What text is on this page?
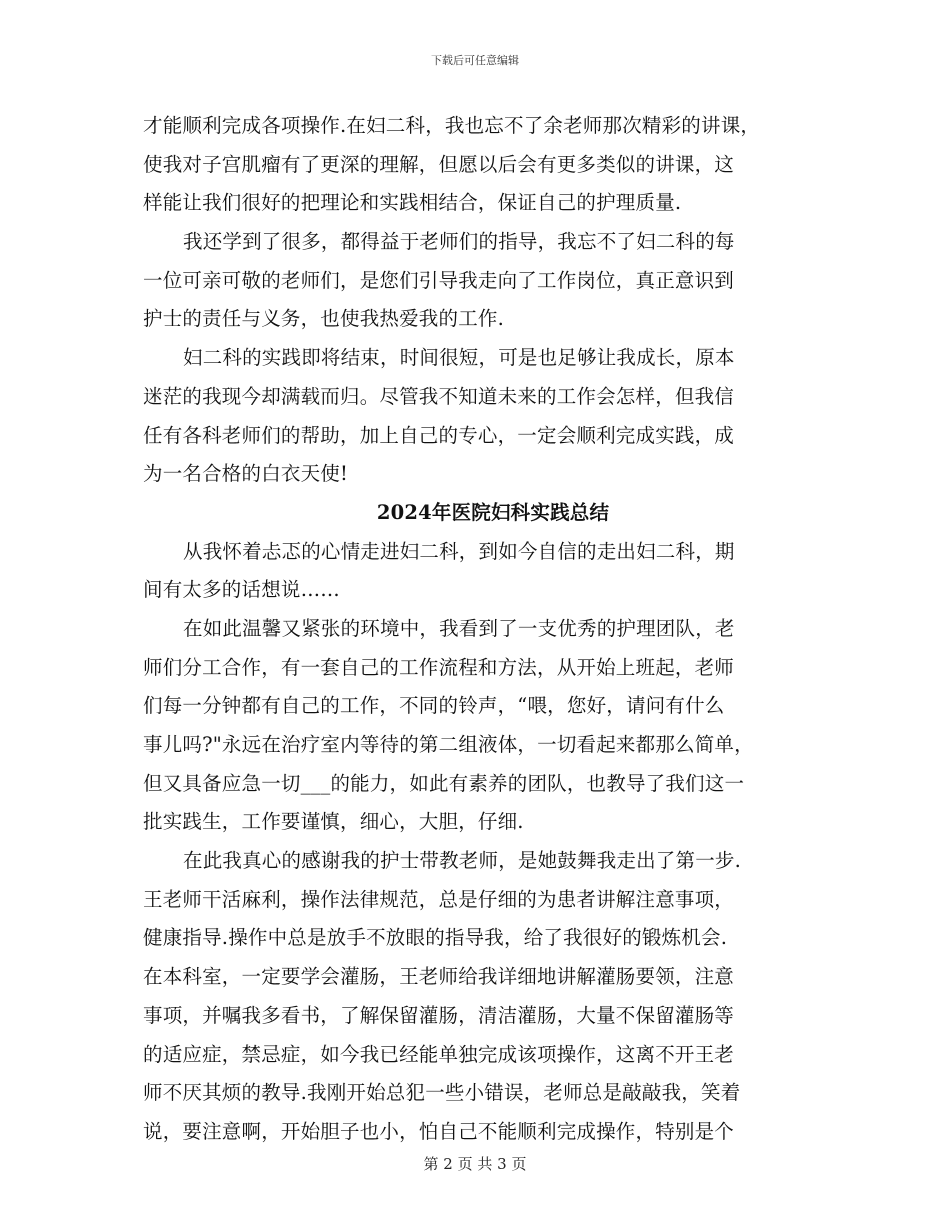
下载后可任意编辑
才能顺利完成各项操作.在妇二科，我也忘不了余老师那次精彩的讲课，
使我对子宫肌瘤有了更深的理解，但愿以后会有更多类似的讲课，这
样能让我们很好的把理论和实践相结合，保证自己的护理质量.
我还学到了很多，都得益于老师们的指导，我忘不了妇二科的每
一位可亲可敬的老师们，是您们引导我走向了工作岗位，真正意识到
护士的责任与义务，也使我热爱我的工作.
妇二科的实践即将结束，时间很短，可是也足够让我成长，原本
迷茫的我现今却满载而归。尽管我不知道未来的工作会怎样，但我信
任有各科老师们的帮助，加上自己的专心，一定会顺利完成实践，成
为一名合格的白衣天使!
2024年医院妇科实践总结
从我怀着忐忑的心情走进妇二科，到如今自信的走出妇二科，期
间有太多的话想说……
在如此温馨又紧张的环境中，我看到了一支优秀的护理团队，老
师们分工合作，有一套自己的工作流程和方法，从开始上班起，老师
们每一分钟都有自己的工作，不同的铃声，“喂，您好，请问有什么
事儿吗?"永远在治疗室内等待的第二组液体，一切看起来都那么简单，
但又具备应急一切___的能力，如此有素养的团队，也教导了我们这一
批实践生，工作要谨慎，细心，大胆，仔细.
在此我真心的感谢我的护士带教老师，是她鼓舞我走出了第一步.
王老师干活麻利，操作法律规范，总是仔细的为患者讲解注意事项，
健康指导.操作中总是放手不放眼的指导我，给了我很好的锻炼机会.
在本科室，一定要学会灌肠，王老师给我详细地讲解灌肠要领，注意
事项，并嘱我多看书，了解保留灌肠，清洁灌肠，大量不保留灌肠等
的适应症，禁忌症，如今我已经能单独完成该项操作，这离不开王老
师不厌其烦的教导.我刚开始总犯一些小错误，老师总是敲敲我，笑着
说，要注意啊，开始胆子也小，怕自己不能顺利完成操作，特别是个
第 2 页 共 3 页
